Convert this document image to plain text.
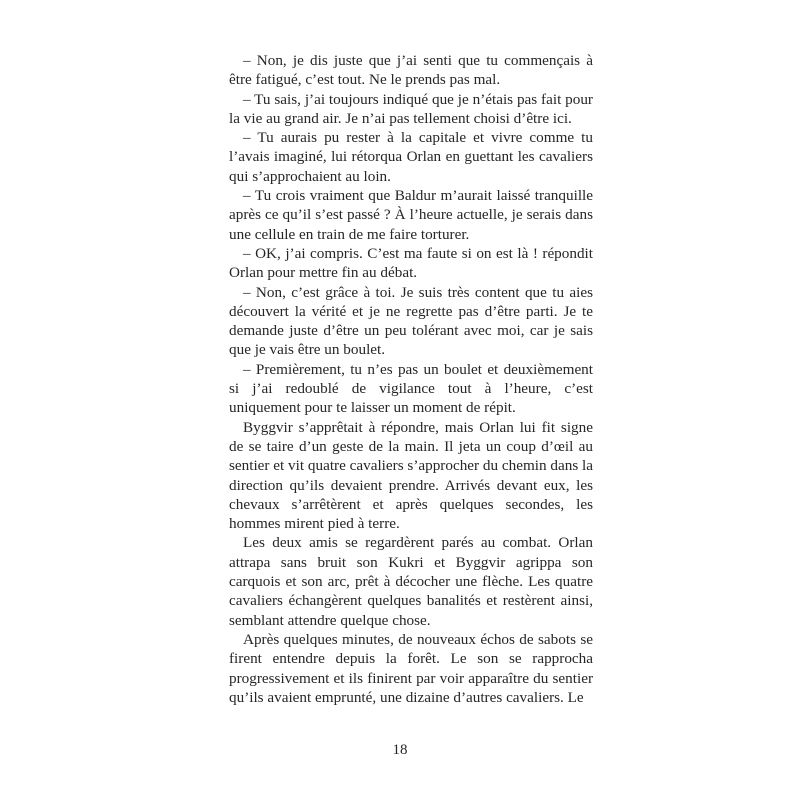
– Non, je dis juste que j’ai senti que tu commençais à être fatigué, c’est tout. Ne le prends pas mal.

– Tu sais, j’ai toujours indiqué que je n’étais pas fait pour la vie au grand air. Je n’ai pas tellement choisi d’être ici.

– Tu aurais pu rester à la capitale et vivre comme tu l’avais imaginé, lui rétorqua Orlan en guettant les cavaliers qui s’approchaient au loin.

– Tu crois vraiment que Baldur m’aurait laissé tranquille après ce qu’il s’est passé ? À l’heure actuelle, je serais dans une cellule en train de me faire torturer.

– OK, j’ai compris. C’est ma faute si on est là ! répondit Orlan pour mettre fin au débat.

– Non, c’est grâce à toi. Je suis très content que tu aies découvert la vérité et je ne regrette pas d’être parti. Je te demande juste d’être un peu tolérant avec moi, car je sais que je vais être un boulet.

– Premièrement, tu n’es pas un boulet et deuxièmement si j’ai redoublé de vigilance tout à l’heure, c’est uniquement pour te laisser un moment de répit.

Byggvir s’apprêtait à répondre, mais Orlan lui fit signe de se taire d’un geste de la main. Il jeta un coup d’œil au sentier et vit quatre cavaliers s’approcher du chemin dans la direction qu’ils devaient prendre. Arrivés devant eux, les chevaux s’arrêtèrent et après quelques secondes, les hommes mirent pied à terre.

Les deux amis se regardèrent parés au combat. Orlan attrapa sans bruit son Kukri et Byggvir agrippa son carquois et son arc, prêt à décocher une flèche. Les quatre cavaliers échangèrent quelques banalités et restèrent ainsi, semblant attendre quelque chose.

Après quelques minutes, de nouveaux échos de sabots se firent entendre depuis la forêt. Le son se rapprocha progressivement et ils finirent par voir apparaître du sentier qu’ils avaient emprunté, une dizaine d’autres cavaliers. Le

18
